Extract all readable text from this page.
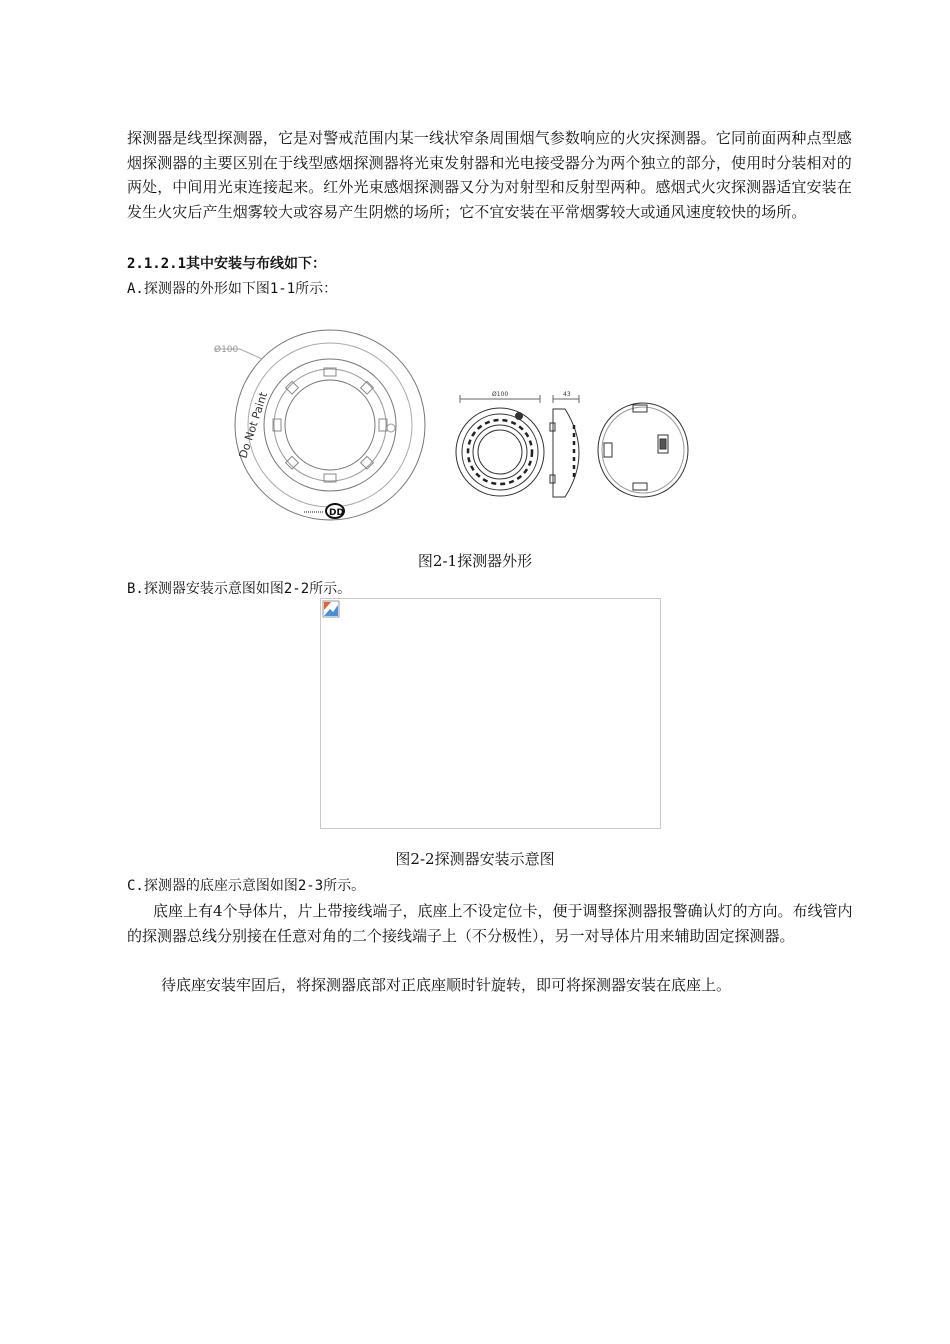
探测器是线型探测器，它是对警戒范围内某一线状窄条周围烟气参数响应的火灾探测器。它同前面两种点型感烟探测器的主要区别在于线型感烟探测器将光束发射器和光电接受器分为两个独立的部分，使用时分装相对的两处，中间用光束连接起来。红外光束感烟探测器又分为对射型和反射型两种。感烟式火灾探测器适宜安装在发生火灾后产生烟雾较大或容易产生阴燃的场所；它不宜安装在平常烟雾较大或通风速度较快的场所。
2.1.2.1其中安装与布线如下：
A.探测器的外形如下图1-1所示：
Ø100
Do Not Paint
DD
Ø100	43
图2-1探测器外形
B.探测器安装示意图如图2-2所示。
图2-2探测器安装示意图
C.探测器的底座示意图如图2-3所示。
底座上有4个导体片，片上带接线端子，底座上不设定位卡，便于调整探测器报警确认灯的方向。布线管内的探测器总线分别接在任意对角的二个接线端子上（不分极性），另一对导体片用来辅助固定探测器。
待底座安装牢固后，将探测器底部对正底座顺时针旋转，即可将探测器安装在底座上。
